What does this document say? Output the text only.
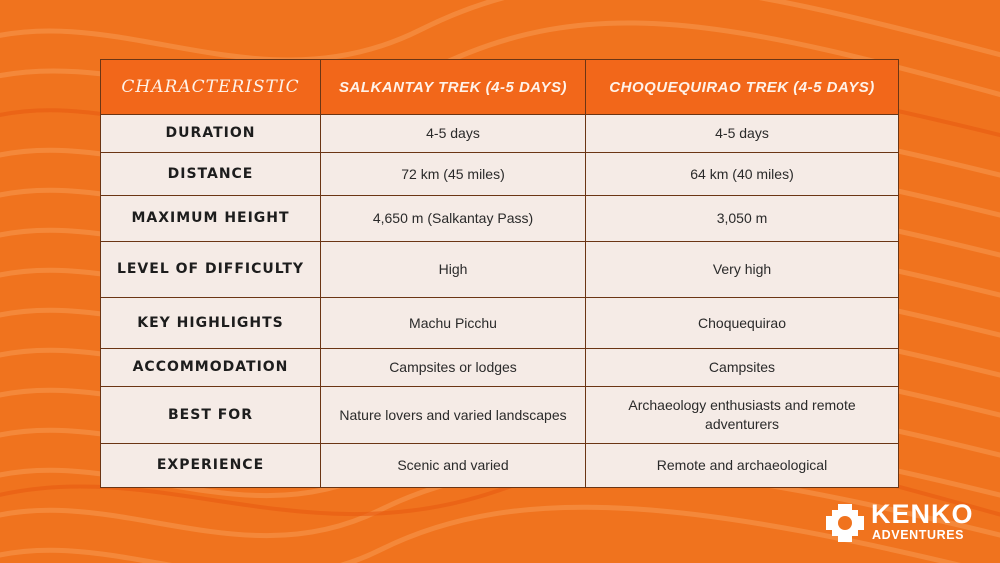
CHARACTERISTIC	SALKANTAY TREK (4-5 DAYS)	CHOQUEQUIRAO TREK (4-5 DAYS)
DURATION	4-5 days	4-5 days
DISTANCE	72 km (45 miles)	64 km (40 miles)
MAXIMUM HEIGHT	4,650 m (Salkantay Pass)	3,050 m
LEVEL OF DIFFICULTY	High	Very high
KEY HIGHLIGHTS	Machu Picchu	Choquequirao
ACCOMMODATION	Campsites or lodges	Campsites
BEST FOR	Nature lovers and varied landscapes	Archaeology enthusiasts and remote adventurers
EXPERIENCE	Scenic and varied	Remote and archaeological
KENKO
ADVENTURES
